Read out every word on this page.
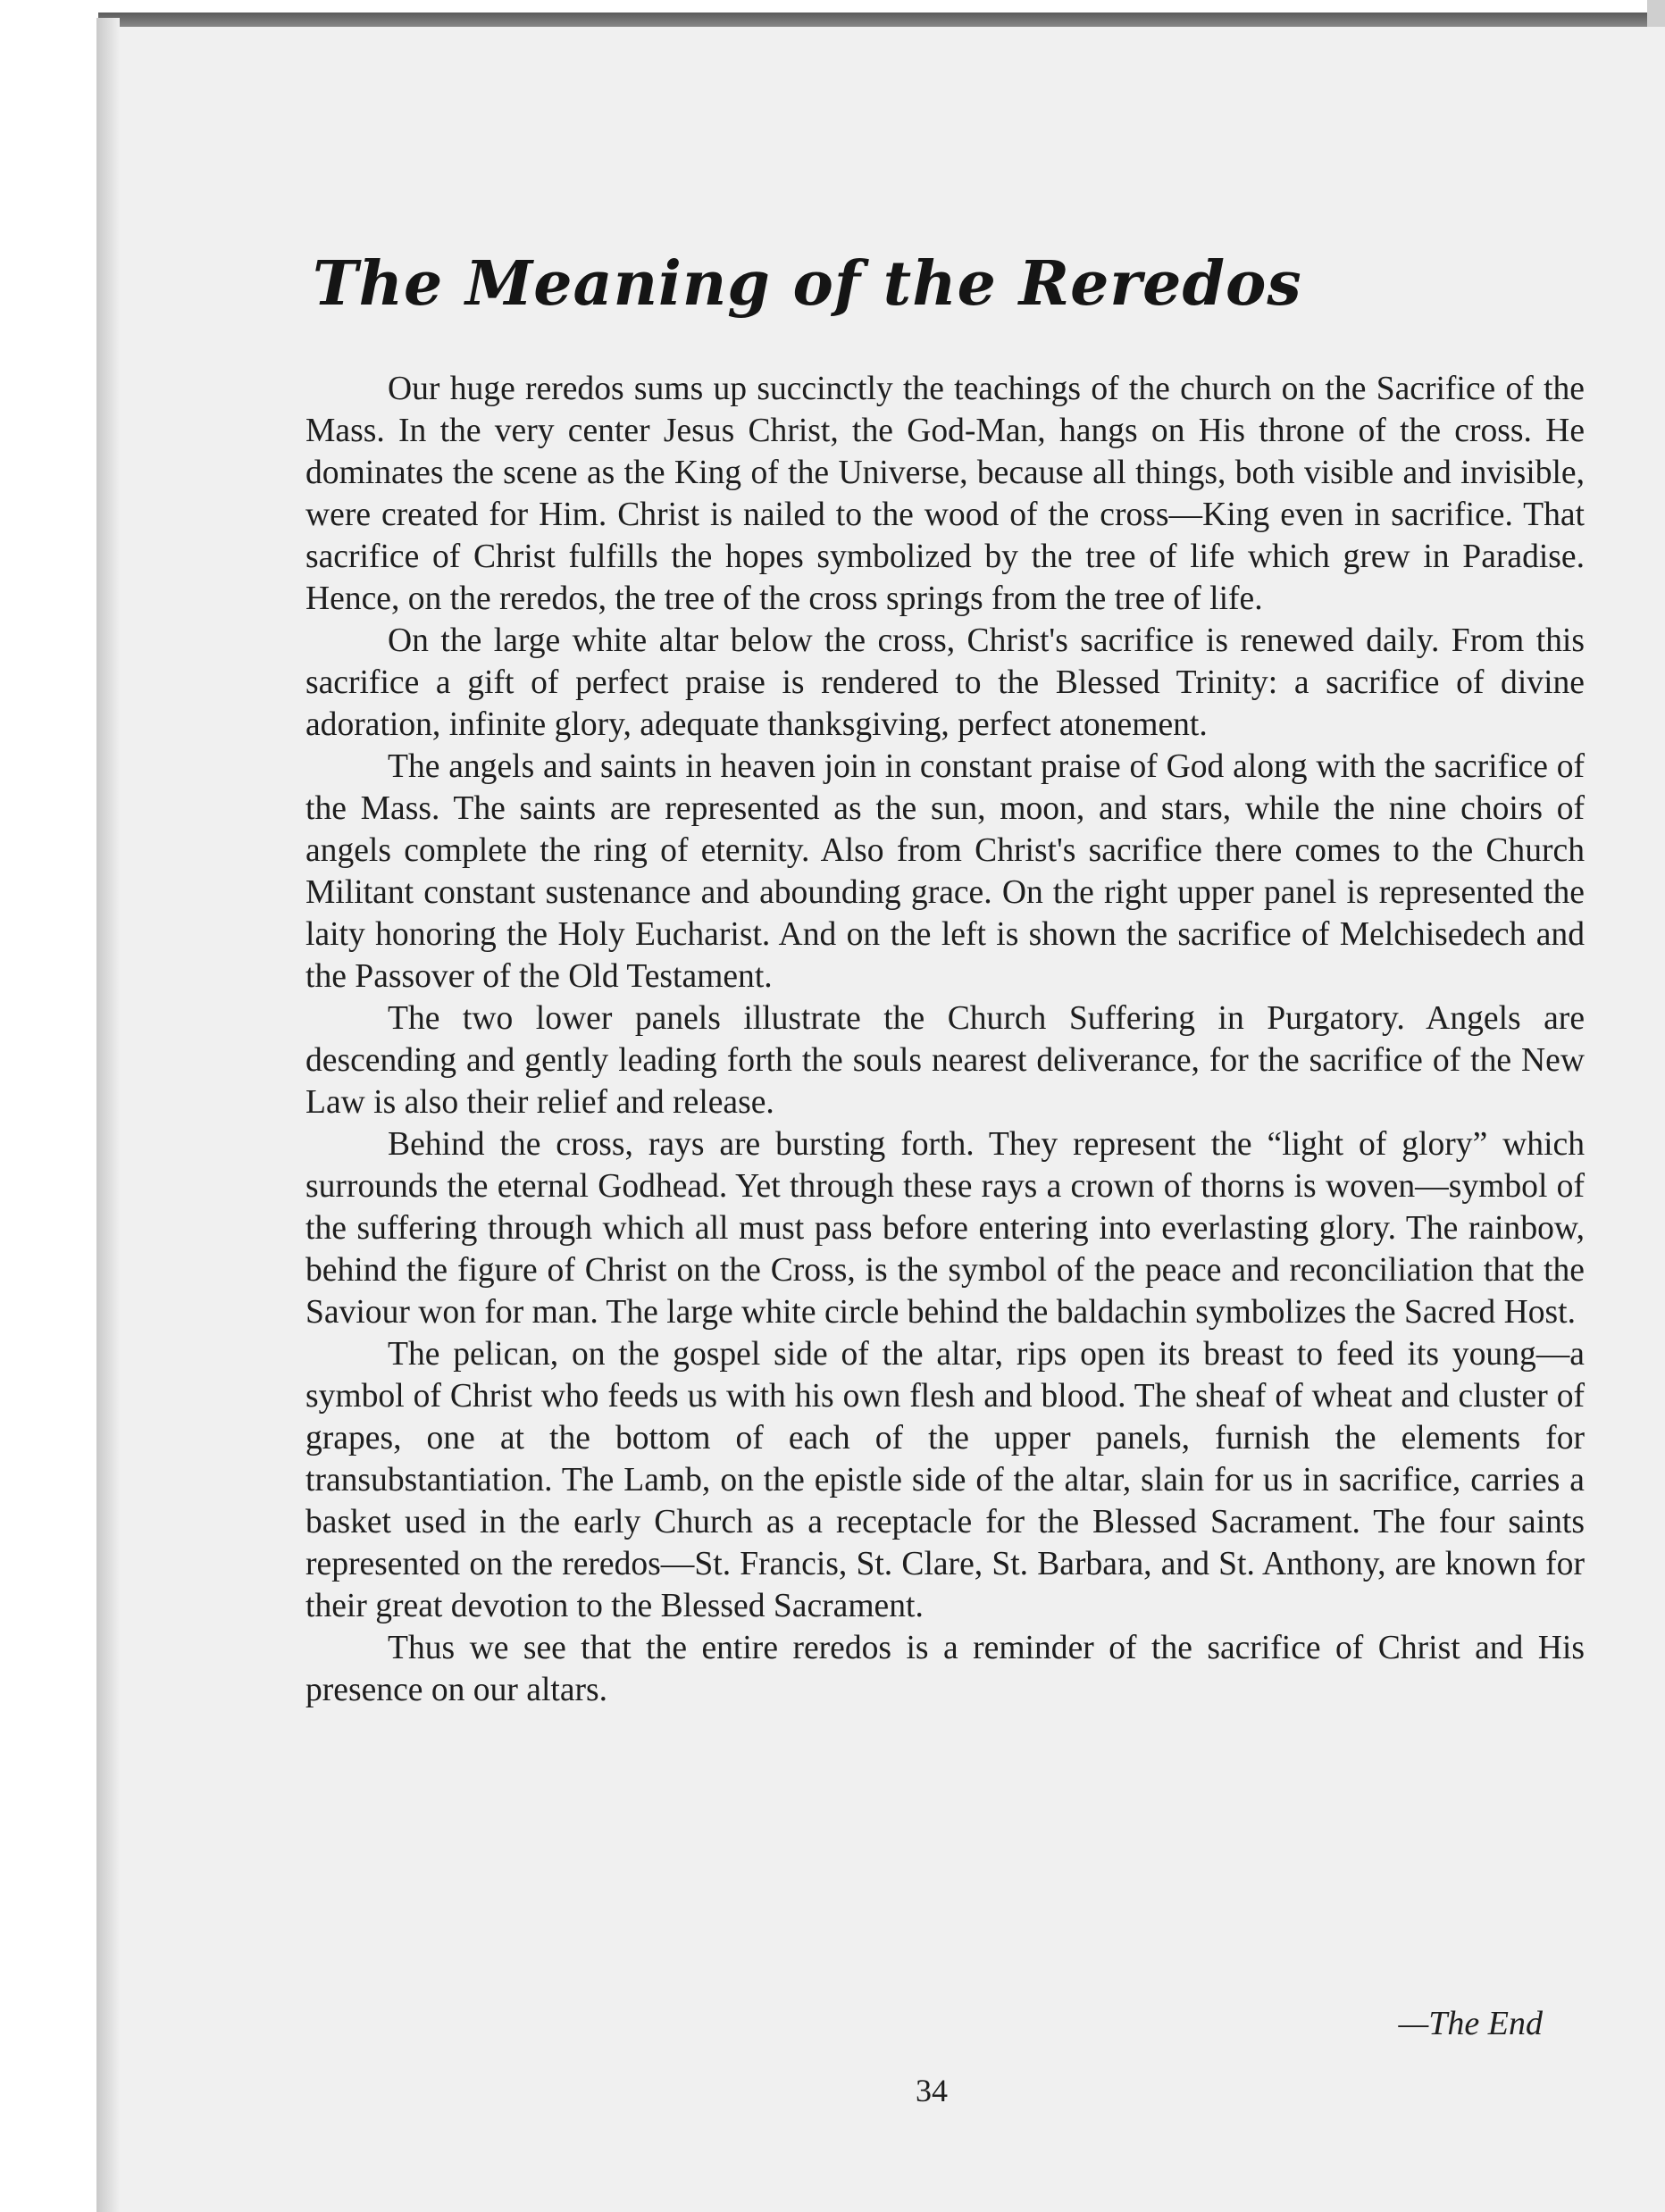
The Meaning of the Reredos

Our huge reredos sums up succinctly the teachings of the church on the Sacrifice of the Mass. In the very center Jesus Christ, the God-Man, hangs on His throne of the cross. He dominates the scene as the King of the Universe, because all things, both visible and invisible, were created for Him. Christ is nailed to the wood of the cross—King even in sacrifice. That sacrifice of Christ fulfills the hopes symbolized by the tree of life which grew in Paradise. Hence, on the reredos, the tree of the cross springs from the tree of life.

On the large white altar below the cross, Christ's sacrifice is renewed daily. From this sacrifice a gift of perfect praise is rendered to the Blessed Trinity: a sacrifice of divine adoration, infinite glory, adequate thanksgiving, perfect atonement.

The angels and saints in heaven join in constant praise of God along with the sacrifice of the Mass. The saints are represented as the sun, moon, and stars, while the nine choirs of angels complete the ring of eternity. Also from Christ's sacrifice there comes to the Church Militant constant sustenance and abounding grace. On the right upper panel is represented the laity honoring the Holy Eucharist. And on the left is shown the sacrifice of Melchisedech and the Passover of the Old Testament.

The two lower panels illustrate the Church Suffering in Purgatory. Angels are descending and gently leading forth the souls nearest deliverance, for the sacrifice of the New Law is also their relief and release.

Behind the cross, rays are bursting forth. They represent the “light of glory” which surrounds the eternal Godhead. Yet through these rays a crown of thorns is woven—symbol of the suffering through which all must pass before entering into everlasting glory. The rainbow, behind the figure of Christ on the Cross, is the symbol of the peace and reconciliation that the Saviour won for man. The large white circle behind the baldachin symbolizes the Sacred Host.

The pelican, on the gospel side of the altar, rips open its breast to feed its young—a symbol of Christ who feeds us with his own flesh and blood. The sheaf of wheat and cluster of grapes, one at the bottom of each of the upper panels, furnish the elements for transubstantiation. The Lamb, on the epistle side of the altar, slain for us in sacrifice, carries a basket used in the early Church as a receptacle for the Blessed Sacrament. The four saints represented on the reredos—St. Francis, St. Clare, St. Barbara, and St. Anthony, are known for their great devotion to the Blessed Sacrament.

Thus we see that the entire reredos is a reminder of the sacrifice of Christ and His presence on our altars.

—The End

34
